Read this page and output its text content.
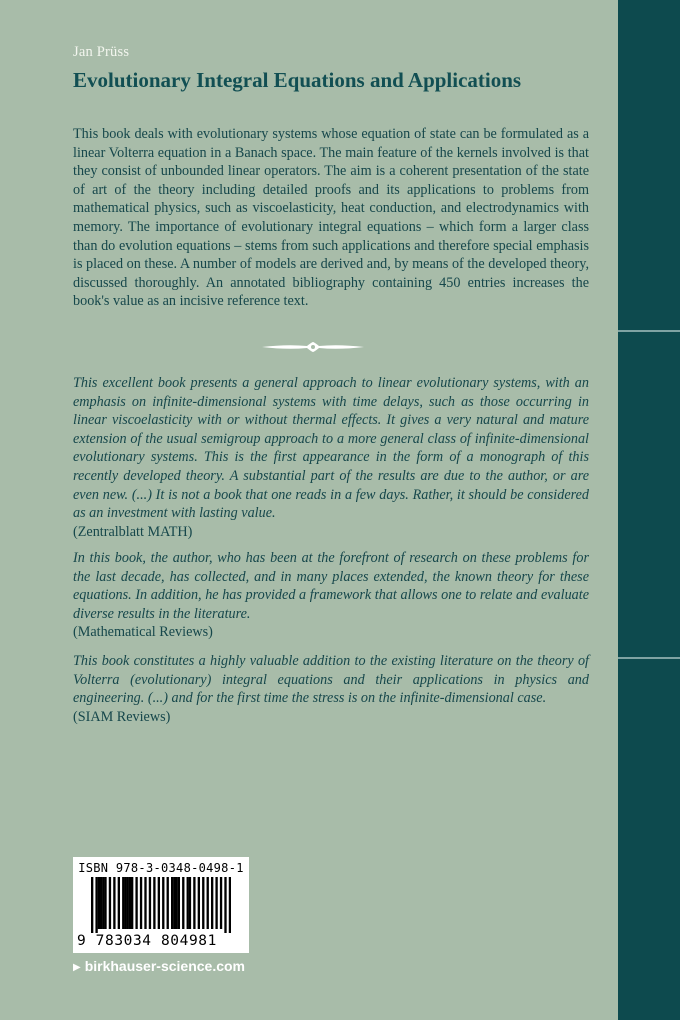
Jan Prüss
Evolutionary Integral Equations and Applications

This book deals with evolutionary systems whose equation of state can be formulated as a linear Volterra equation in a Banach space. The main feature of the kernels involved is that they consist of unbounded linear operators. The aim is a coherent presentation of the state of art of the theory including detailed proofs and its applications to problems from mathematical physics, such as viscoelasticity, heat conduction, and electrodynamics with memory. The importance of evolutionary integral equations – which form a larger class than do evolution equations – stems from such applications and therefore special emphasis is placed on these. A number of models are derived and, by means of the developed theory, discussed thoroughly. An annotated bibliography containing 450 entries increases the book's value as an incisive reference text.

This excellent book presents a general approach to linear evolutionary systems, with an emphasis on infinite-dimensional systems with time delays, such as those occurring in linear viscoelasticity with or without thermal effects. It gives a very natural and mature extension of the usual semigroup approach to a more general class of infinite-dimensional evolutionary systems. This is the first appearance in the form of a monograph of this recently developed theory. A substantial part of the results are due to the author, or are even new. (...) It is not a book that one reads in a few days. Rather, it should be considered as an investment with lasting value.
(Zentralblatt MATH)

In this book, the author, who has been at the forefront of research on these problems for the last decade, has collected, and in many places extended, the known theory for these equations. In addition, he has provided a framework that allows one to relate and evaluate diverse results in the literature.
(Mathematical Reviews)

This book constitutes a highly valuable addition to the existing literature on the theory of Volterra (evolutionary) integral equations and their applications in physics and engineering. (...) and for the first time the stress is on the infinite-dimensional case.
(SIAM Reviews)

ISBN 978-3-0348-0498-1
9 783034 804981
▶ birkhauser-science.com
